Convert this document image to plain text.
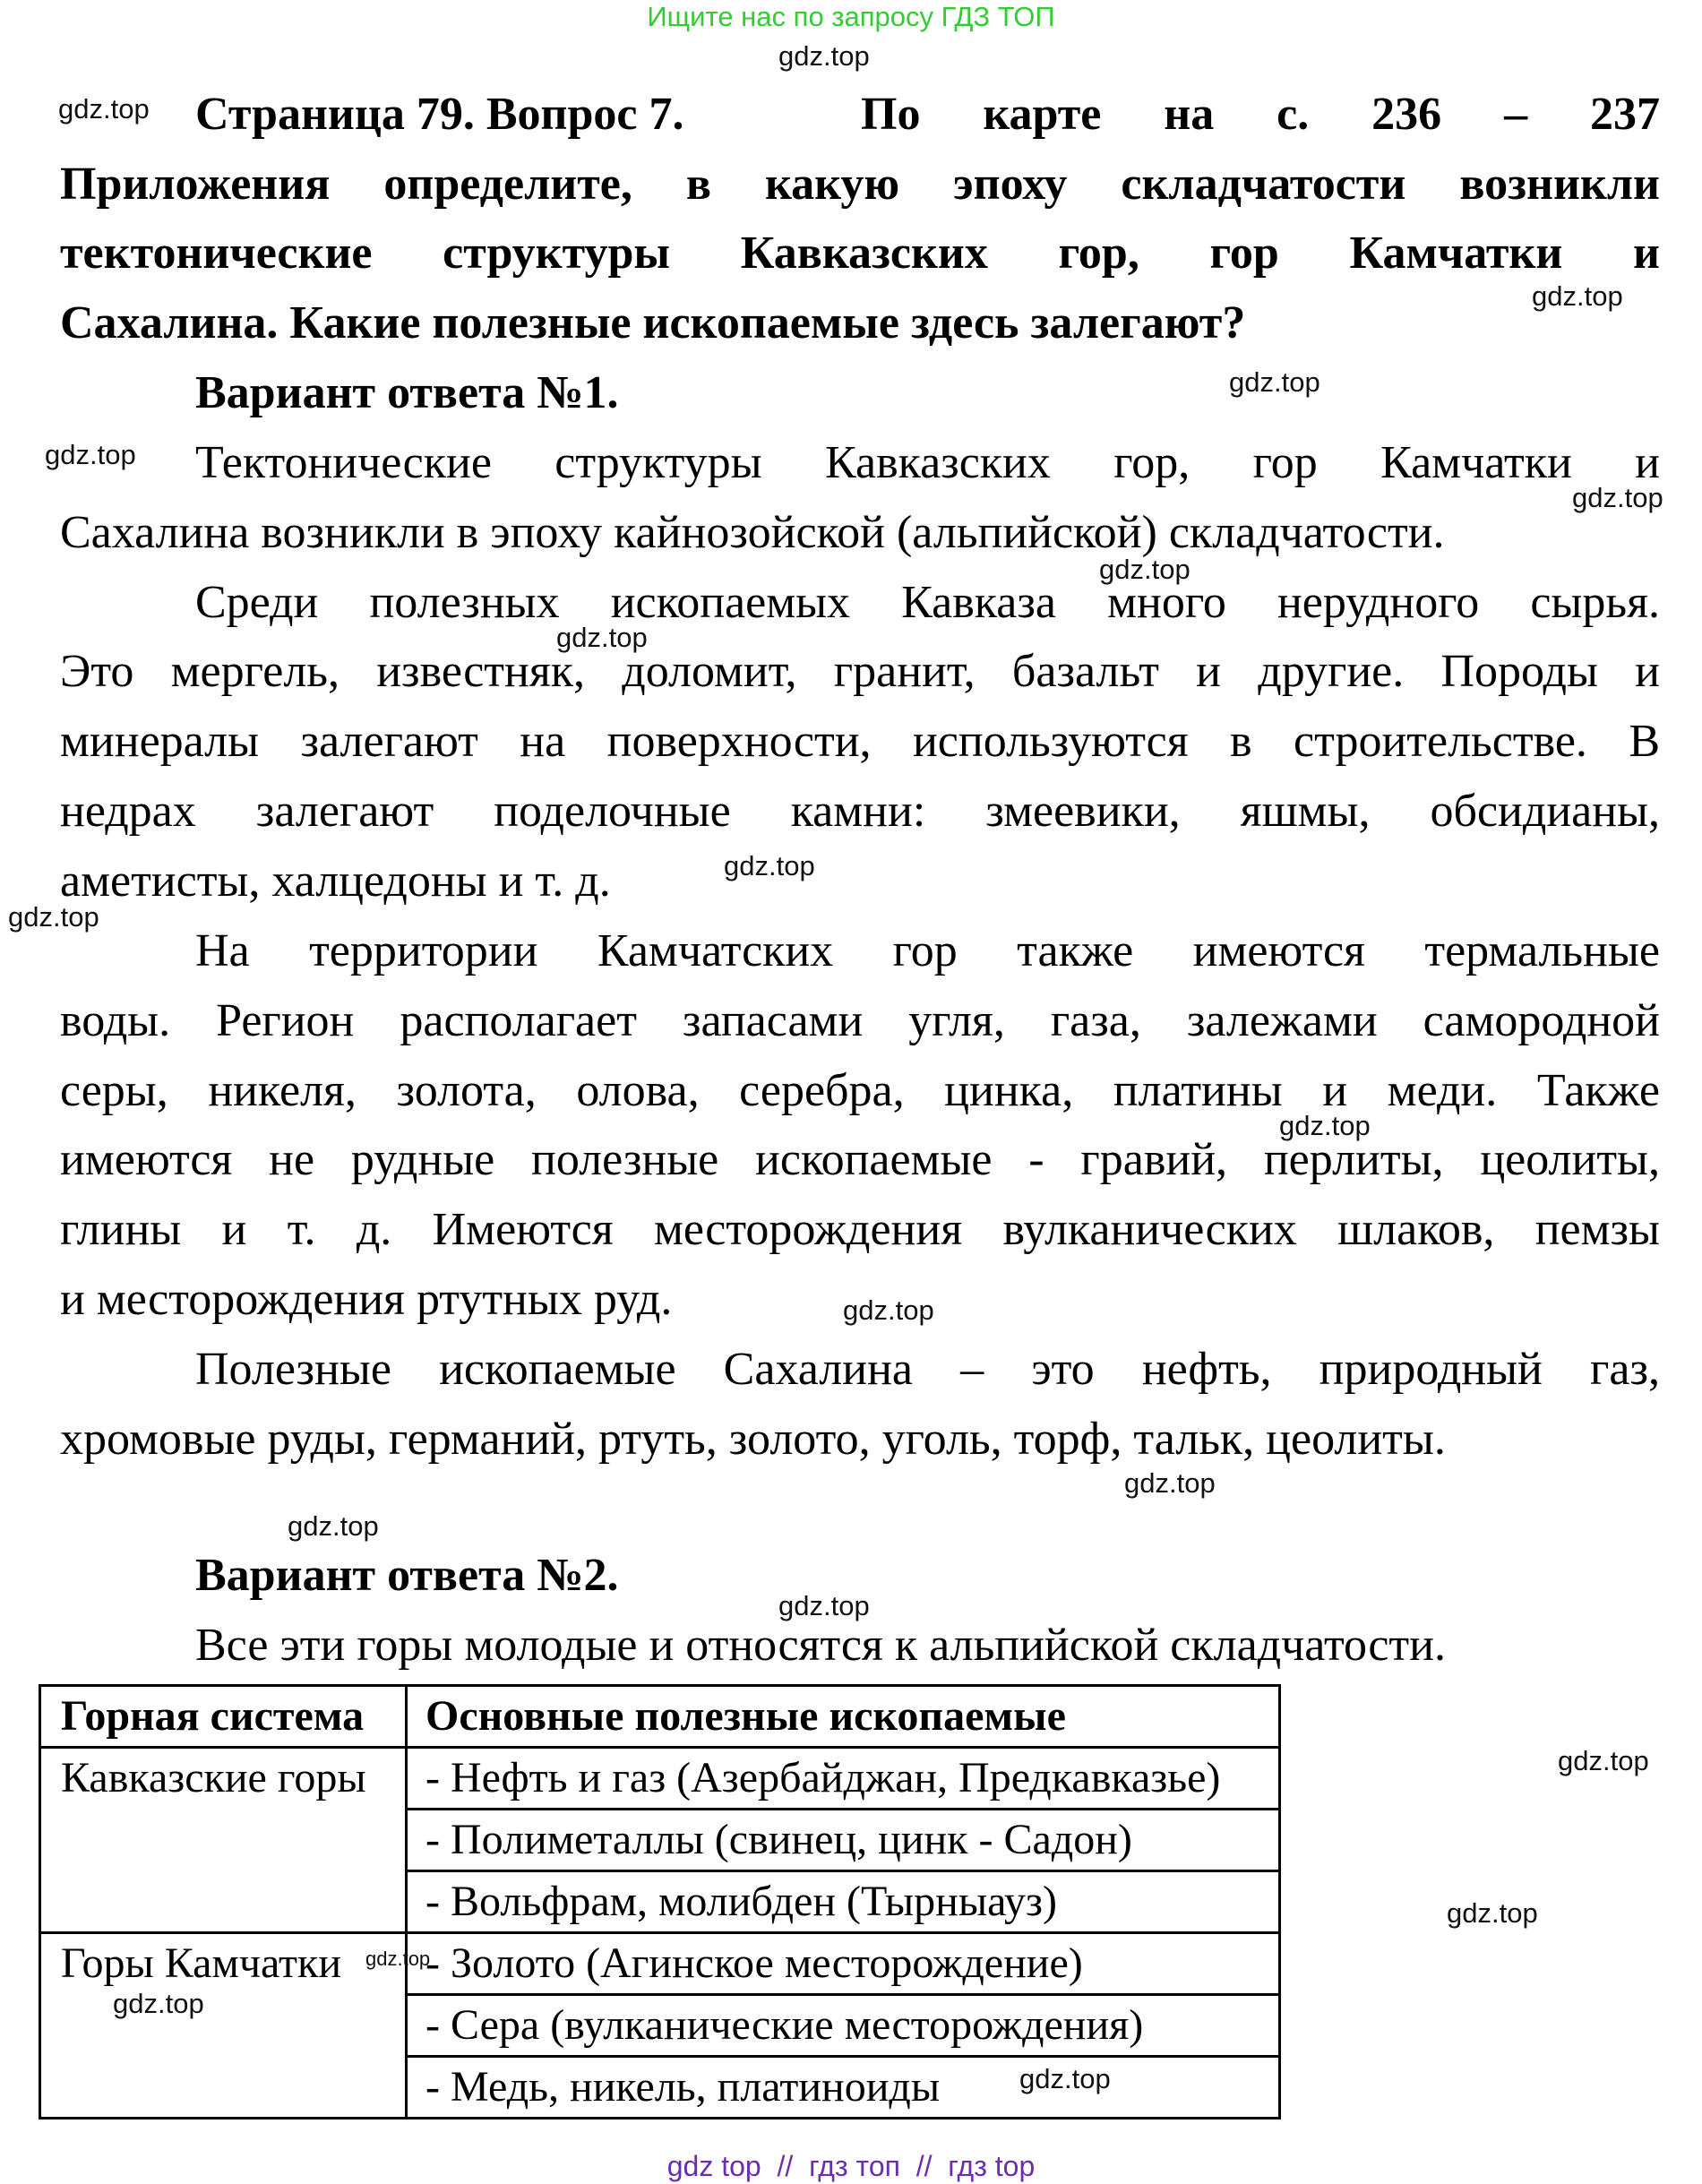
Ищите нас по запросу ГДЗ ТОП
Страница 79. Вопрос 7.	По карте на с. 236 – 237
Приложения определите, в какую эпоху складчатости возникли
тектонические структуры Кавказских гор, гор Камчатки и
Сахалина. Какие полезные ископаемые здесь залегают?
Вариант ответа №1.
Тектонические структуры Кавказских гор, гор Камчатки и
Сахалина возникли в эпоху кайнозойской (альпийской) складчатости.
Среди полезных ископаемых Кавказа много нерудного сырья.
Это мергель, известняк, доломит, гранит, базальт и другие. Породы и
минералы залегают на поверхности, используются в строительстве. В
недрах залегают поделочные камни: змеевики, яшмы, обсидианы,
аметисты, халцедоны и т. д.
На территории Камчатских гор также имеются термальные
воды. Регион располагает запасами угля, газа, залежами самородной
серы, никеля, золота, олова, серебра, цинка, платины и меди. Также
имеются не рудные полезные ископаемые - гравий, перлиты, цеолиты,
глины и т. д. Имеются месторождения вулканических шлаков, пемзы
и месторождения ртутных руд.
Полезные ископаемые Сахалина – это нефть, природный газ,
хромовые руды, германий, ртуть, золото, уголь, торф, тальк, цеолиты.
Вариант ответа №2.
Все эти горы молодые и относятся к альпийской складчатости.
Горная система	Основные полезные ископаемые
Кавказские горы	- Нефть и газ (Азербайджан, Предкавказье)
	- Полиметаллы (свинец, цинк - Садон)
	- Вольфрам, молибден (Тырныауз)
Горы Камчатки	- Золото (Агинское месторождение)
	- Сера (вулканические месторождения)
	- Медь, никель, платиноиды
gdz.top
gdz.top
gdz.top
gdz.top
gdz.top
gdz.top
gdz.top
gdz.top
gdz.top
gdz.top
gdz.top
gdz.top
gdz.top
gdz.top
gdz.top
gdz.top
gdz.top
gdz.top
gdz.top
gdz.top
gdz top  //  гдз топ  //  гдз top
